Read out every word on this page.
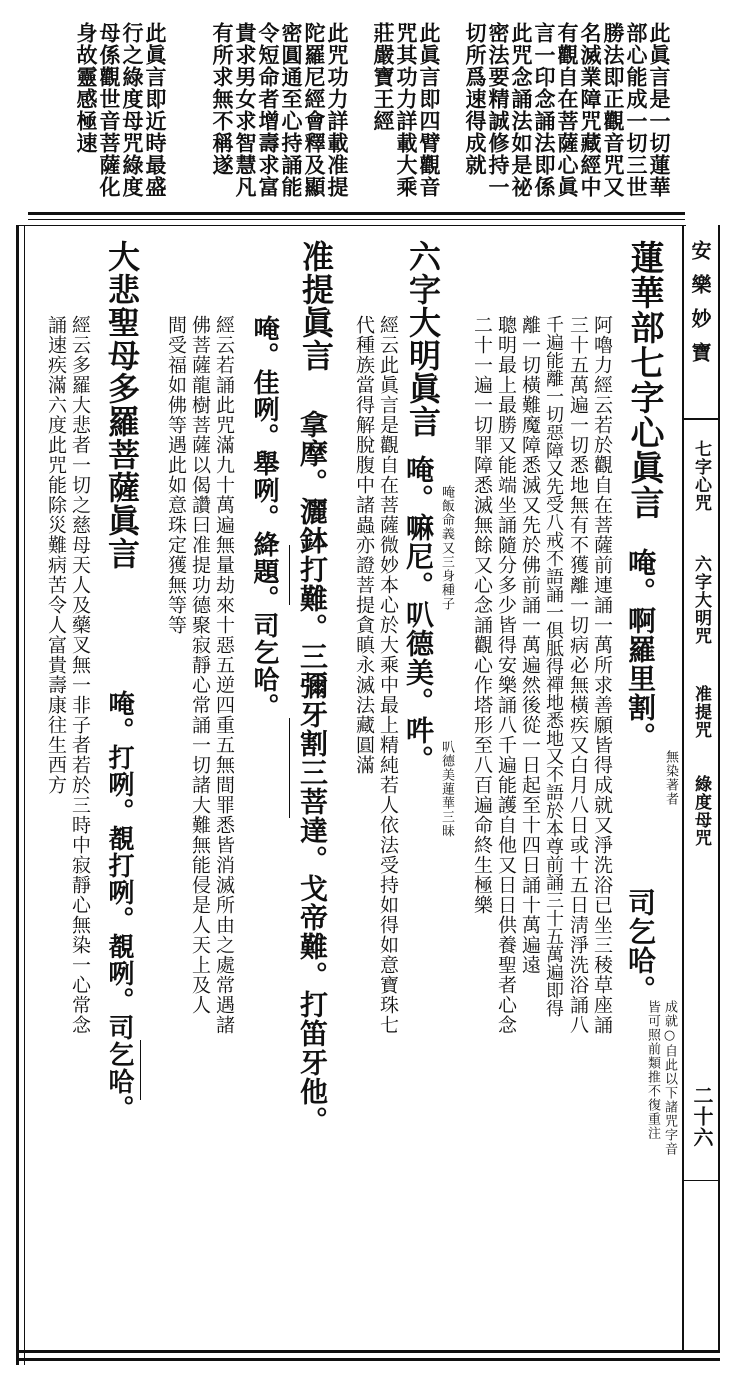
此眞言是一切蓮華
部心能成一切三世
勝法即正觀音咒又
名滅業障咒藏經中
有觀自在菩薩心眞
言一印念誦法即係
此咒念誦法如是祕
密法要精誠修持一
切所爲速得成就
此眞言即四臂觀音
咒其功力詳載大乘
莊嚴寶王經
此咒功力詳載准提
陀羅尼經會釋及顯
密圓通至心持誦能
令短命者增壽求富
貴求男女求智慧凡
有所求無不稱遂
此眞言即近時最盛
行之綠度母咒綠度
母係觀世音菩薩化
身故靈感極速
安樂妙寶
七字心咒
六字大明咒
准提咒
綠度母咒
二十六
蓮華部七字心眞言
唵。啊羅里割。
司乞哈。
無染著者
成就○自此以下諸咒字音
皆可照前類推不復重注
阿嚕力經云若於觀自在菩薩前連誦一萬所求善願皆得成就又淨洗浴已坐三稜草座誦
三十五萬遍一切悉地無有不獲離一切病必無橫疾又白月八日或十五日淸淨洗浴誦八
千遍能離一切惡障又先受八戒不語誦一俱胝得禪地悉地又不語於本尊前誦三十五萬遍即得
離一切橫難魔障悉滅又先於佛前誦一萬遍然後從一日起至十四日誦十萬遍遠
聰明最上最勝又能端坐誦隨分多少皆得安樂誦八千遍能護自他又日日供養聖者心念
二十一遍一切罪障悉滅無餘又心念誦觀心作塔形至八百遍命終生極樂
六字大明眞言
唵。嘛尼。叭德美。吽。 唵飯命義又三身種子
叭德美蓮華三昧
經云此眞言是觀自在菩薩微妙本心於大乘中最上精純若人依法受持如得如意寶珠七
代種族當得解脫腹中諸蟲亦證菩提貪瞋永滅法藏圓滿
准提眞言
拿摩。灑鉢打難。三彌牙割三菩達。戈帝難。打笛牙他。
唵。佳咧。舉咧。絳題。司乞哈。
經云若誦此咒滿九十萬遍無量劫來十惡五逆四重五無間罪悉皆消滅所由之處常遇諸
佛菩薩龍樹菩薩以偈讚曰准提功德聚寂靜心常誦一切諸大難無能侵是人天上及人
間受福如佛等遇此如意珠定獲無等等
大悲聖母多羅菩薩眞言
唵。打咧。覩打咧。覩咧。司乞哈。
經云多羅大悲者一切之慈母天人及藥叉無一非子者若於三時中寂靜心無染一心常念
誦速疾滿六度此咒能除災難病苦令人富貴壽康往生西方
